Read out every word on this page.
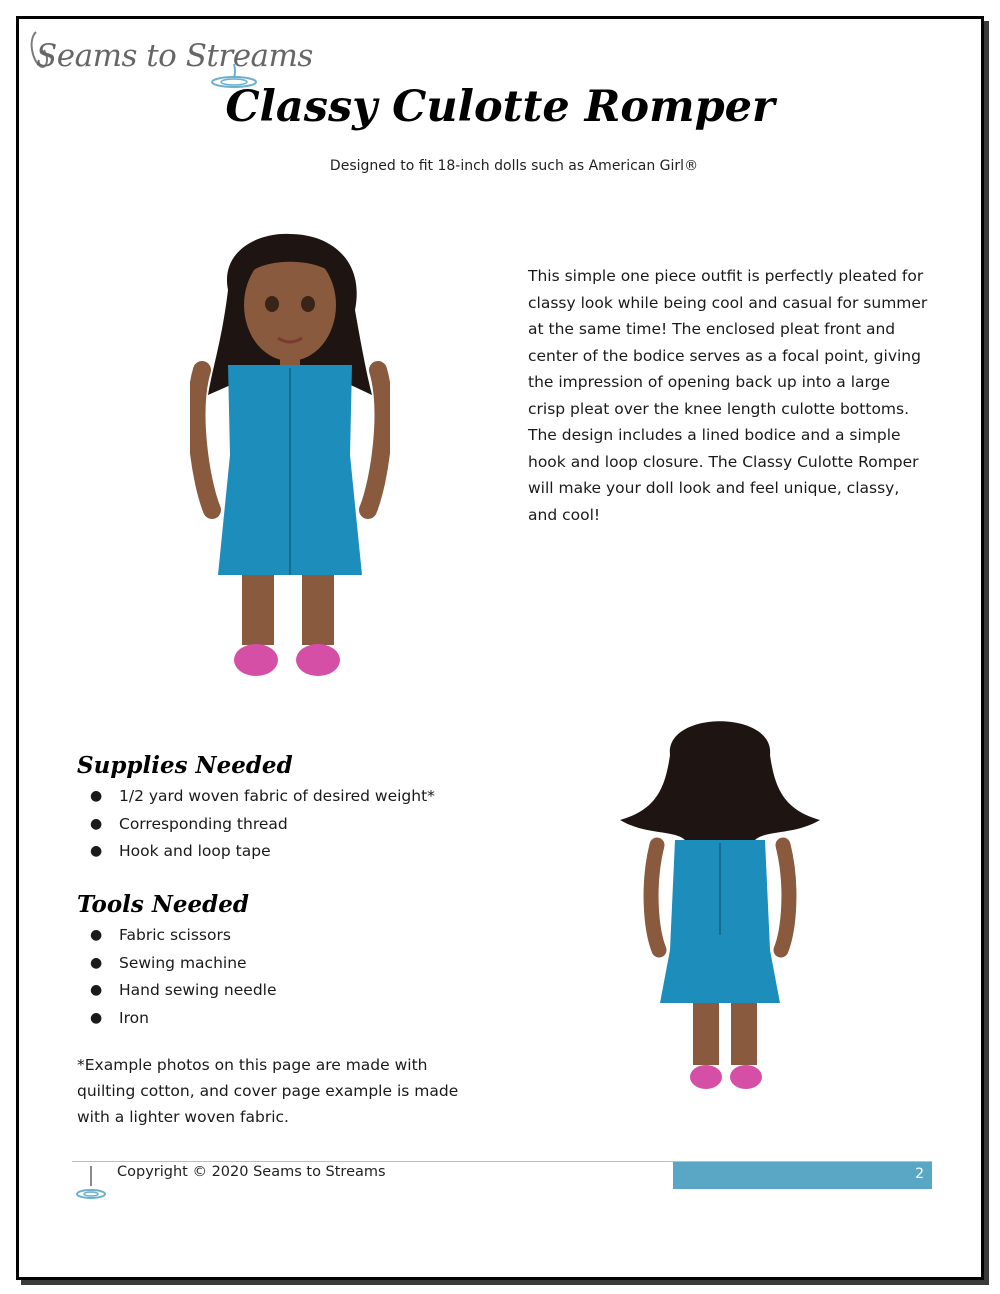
Seams to Streams
Classy Culotte Romper
Designed to fit 18-inch dolls such as American Girl®
This simple one piece outfit is perfectly pleated for classy look while being cool and casual for summer at the same time! The enclosed pleat front and center of the bodice serves as a focal point, giving the impression of opening back up into a large crisp pleat over the knee length culotte bottoms. The design includes a lined bodice and a simple hook and loop closure. The Classy Culotte Romper will make your doll look and feel unique, classy, and cool!
Supplies Needed
● 1/2 yard woven fabric of desired weight*
● Corresponding thread
● Hook and loop tape
Tools Needed
● Fabric scissors
● Sewing machine
● Hand sewing needle
● Iron
*Example photos on this page are made with quilting cotton, and cover page example is made with a lighter woven fabric.
Copyright © 2020 Seams to Streams	2
